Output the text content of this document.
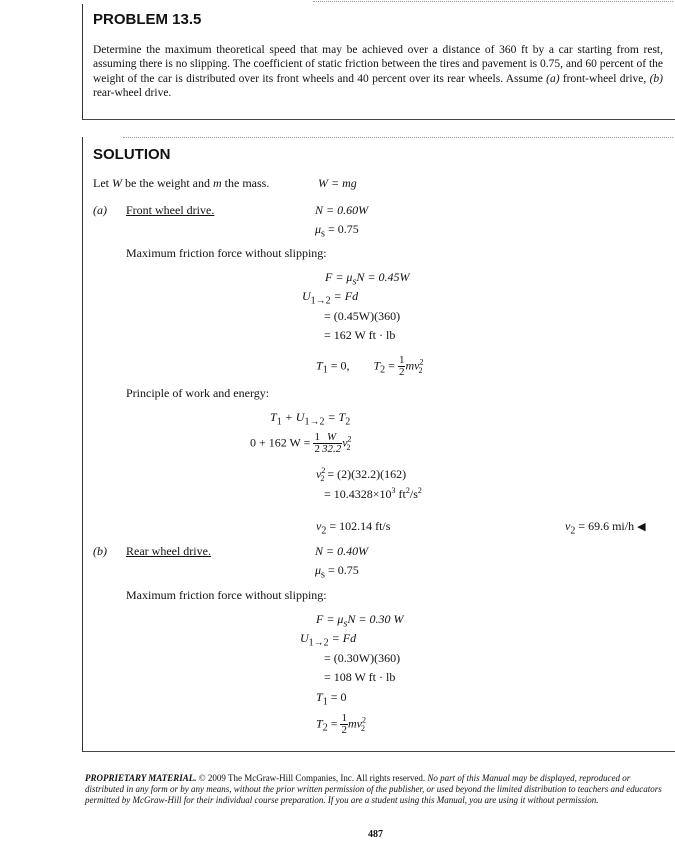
PROBLEM 13.5

Determine the maximum theoretical speed that may be achieved over a distance of 360 ft by a car starting from rest, assuming there is no slipping. The coefficient of static friction between the tires and pavement is 0.75, and 60 percent of the weight of the car is distributed over its front wheels and 40 percent over its rear wheels. Assume (a) front-wheel drive, (b) rear-wheel drive.

SOLUTION
Let W be the weight and m the mass.	W = mg
(a) Front wheel drive.	N = 0.60W
$\mu_s = 0.75$
Maximum friction force without slipping:
$F = \mu_sN = 0.45W$
$U_{1\to 2} = Fd$
= (0.45W)(360)
= 162 W ft · lb
$T_1 = 0$, $T_2 = \frac{1}{2} mv^2_2$
Principle of work and energy:
$T_1 + U_{1\to 2} = T_2$
0 + 162 $W = \frac{1}{2} \frac{W}{32.2} v^2_2$
$v^2_2 = (2)(32.2)(162)$
= $10.4328\times 10^3$ $ft^2/s^2$
$v_2 = 102.14$ ft/s	$v_2 = 69.6$ mi/h ◀
(b) Rear wheel drive.	N = 0.40W
$\mu_s = 0.75$
Maximum friction force without slipping:
$F = \mu_sN = 0.30$ W
$U_{1\to 2} = Fd$
= (0.30W)(360)
= 108 W ft · lb
$T_1 = 0$
$T_2 = \frac{1}{2} mv^2_2$

PROPRIETARY MATERIAL. © 2009 The McGraw-Hill Companies, Inc. All rights reserved. No part of this Manual may be displayed, reproduced or distributed in any form or by any means, without the prior written permission of the publisher, or used beyond the limited distribution to teachers and educators permitted by McGraw-Hill for their individual course preparation. If you are a student using this Manual, you are using it without permission.

487
